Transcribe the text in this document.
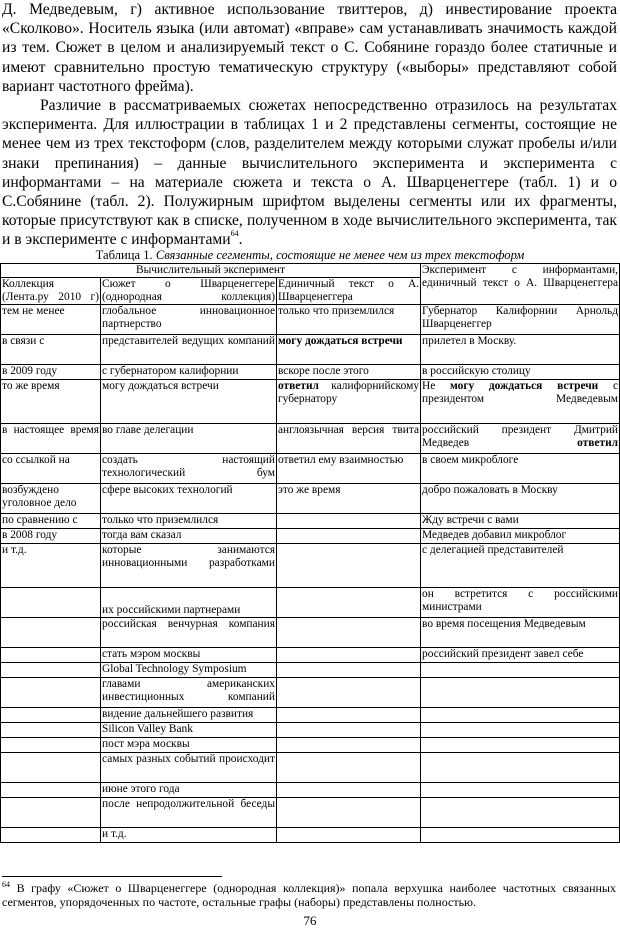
Д. Медведевым, г) активное использование твиттеров, д) инвестирование проекта «Сколково». Носитель языка (или автомат) «вправе» сам устанавливать значимость каждой из тем. Сюжет в целом и анализируемый текст о С. Собянине гораздо более статичные и имеют сравнительно простую тематическую структуру («выборы» представляют собой вариант частотного фрейма).

Различие в рассматриваемых сюжетах непосредственно отразилось на результатах эксперимента. Для иллюстрации в таблицах 1 и 2 представлены сегменты, состоящие не менее чем из трех текстоформ (слов, разделителем между которыми служат пробелы и/или знаки препинания) – данные вычислительного эксперимента и эксперимента с информантами – на материале сюжета и текста о А. Шварценеггере (табл. 1) и о С.Собянине (табл. 2). Полужирным шрифтом выделены сегменты или их фрагменты, которые присутствуют как в списке, полученном в ходе вычислительного эксперимента, так и в эксперименте с информантами$^{64}$.

Таблица 1. Связанные сегменты, состоящие не менее чем из трех текстоформ
Вычислительный эксперимент			Эксперимент с информантами, единичный текст о А. Шварценеггера
Коллекция (Лента.ру 2010 г)	Сюжет о Шварценеггере (однородная коллекция)	Единичный текст о А. Шварценеггера	
тем не менее	глобальное инновационное партнерство	только что приземлился	Губернатор Калифорнии Арнольд Шварценеггер
в связи с	представителей ведущих компаний	могу дождаться встречи	прилетел в Москву.
в 2009 году	с губернатором калифорнии	вскоре после этого	в российскую столицу
то же время	могу дождаться встречи	ответил калифорнийскому губернатору	Не могу дождаться встречи с президентом Медведевым
в настоящее время	во главе делегации	англоязычная версия твита	российский президент Дмитрий Медведев ответил
со ссылкой на	создать настоящий технологический бум	ответил ему взаимностью	в своем микроблоге
возбуждено уголовное дело	сфере высоких технологий	это же время	добро пожаловать в Москву
по сравнению с	только что приземлился		Жду встречи с вами
в 2008 году	тогда вам сказал		Медведев добавил микроблог
и т.д.	которые занимаются инновационными разработками		с делегацией представителей
	их российскими партнерами		он встретится с российскими министрами
	российская венчурная компания		во время посещения Медведевым
	стать мэром москвы		российский президент завел себе
	Global Technology Symposium		
	главами американских инвестиционных компаний		
	видение дальнейшего развития		
	Silicon Valley Bank		
	пост мэра москвы		
	самых разных событий происходит		
	июне этого года		
	после непродолжительной беседы		
	и т.д.		

$^{64}$ В графу «Сюжет о Шварценеггере (однородная коллекция)» попала верхушка наиболее частотных связанных сегментов, упорядоченных по частоте, остальные графы (наборы) представлены полностью.

76
